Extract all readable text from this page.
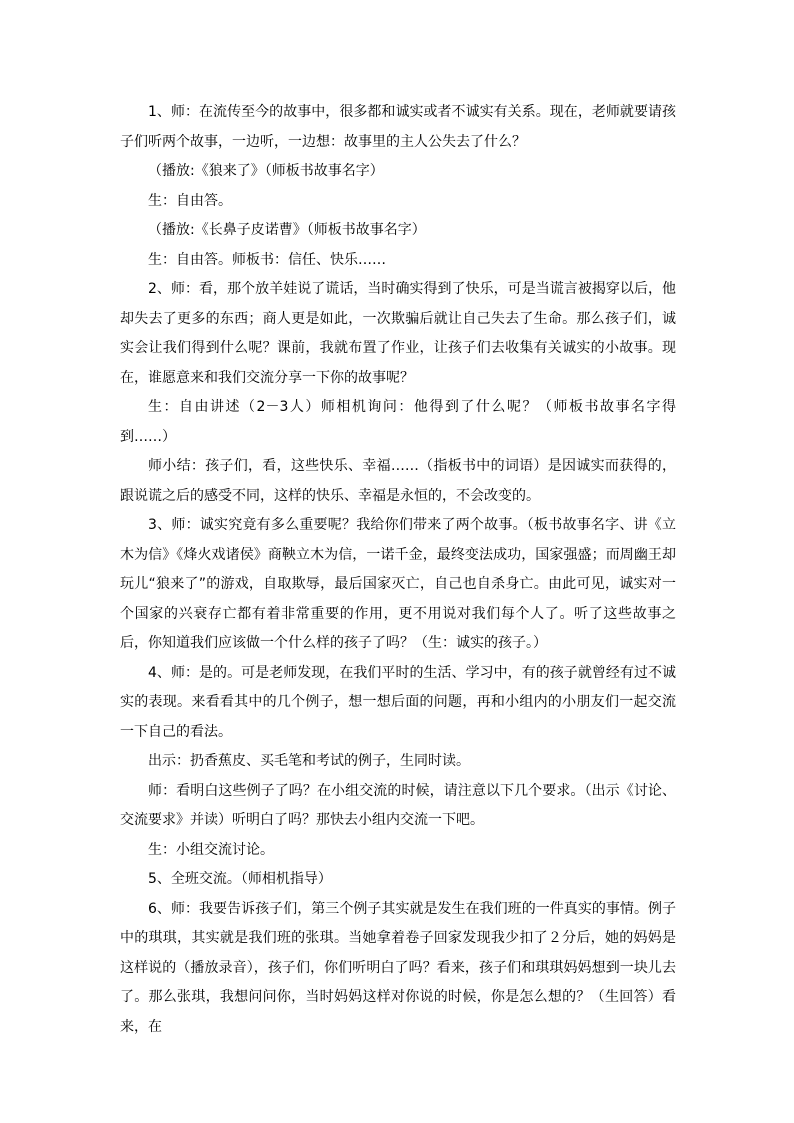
1、师：在流传至今的故事中，很多都和诚实或者不诚实有关系。现在，老师就要请孩子们听两个故事，一边听，一边想：故事里的主人公失去了什么？

（播放:《狼来了》（师板书故事名字）

生：自由答。

（播放:《长鼻子皮诺曹》（师板书故事名字）

生：自由答。师板书：信任、快乐……

2、师：看，那个放羊娃说了谎话，当时确实得到了快乐，可是当谎言被揭穿以后，他却失去了更多的东西；商人更是如此，一次欺骗后就让自己失去了生命。那么孩子们，诚实会让我们得到什么呢？课前，我就布置了作业，让孩子们去收集有关诚实的小故事。现在，谁愿意来和我们交流分享一下你的故事呢？

生：自由讲述（2－3人）师相机询问：他得到了什么呢？（师板书故事名字得到……）

师小结：孩子们，看，这些快乐、幸福……（指板书中的词语）是因诚实而获得的，跟说谎之后的感受不同，这样的快乐、幸福是永恒的，不会改变的。

3、师：诚实究竟有多么重要呢？我给你们带来了两个故事。（板书故事名字、讲《立木为信》《烽火戏诸侯》商鞅立木为信，一诺千金，最终变法成功，国家强盛；而周幽王却玩儿“狼来了”的游戏，自取欺辱，最后国家灭亡，自己也自杀身亡。由此可见，诚实对一个国家的兴衰存亡都有着非常重要的作用，更不用说对我们每个人了。听了这些故事之后，你知道我们应该做一个什么样的孩子了吗？（生：诚实的孩子。）

4、师：是的。可是老师发现，在我们平时的生活、学习中，有的孩子就曾经有过不诚实的表现。来看看其中的几个例子，想一想后面的问题，再和小组内的小朋友们一起交流一下自己的看法。

出示：扔香蕉皮、买毛笔和考试的例子，生同时读。

师：看明白这些例子了吗？在小组交流的时候，请注意以下几个要求。（出示《讨论、交流要求》并读）听明白了吗？那快去小组内交流一下吧。

生：小组交流讨论。

5、全班交流。（师相机指导）

6、师：我要告诉孩子们，第三个例子其实就是发生在我们班的一件真实的事情。例子中的琪琪，其实就是我们班的张琪。当她拿着卷子回家发现我少扣了２分后，她的妈妈是这样说的（播放录音），孩子们，你们听明白了吗？看来，孩子们和琪琪妈妈想到一块儿去了。那么张琪，我想问问你，当时妈妈这样对你说的时候，你是怎么想的？（生回答）看来，在
